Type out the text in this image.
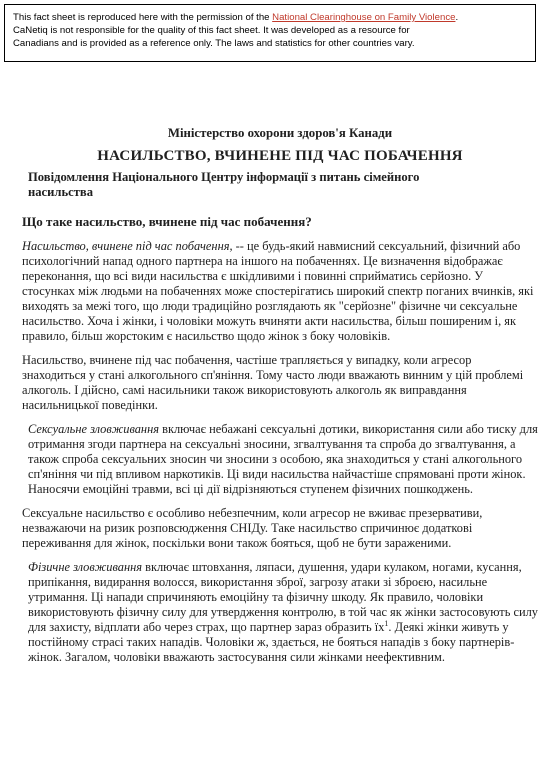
This fact sheet is reproduced here with the permission of the National Clearinghouse on Family Violence.
CaNetiq is not responsible for the quality of this fact sheet. It was developed as a resource for
Canadians and is provided as a reference only. The laws and statistics for other countries vary.
Міністерство охорони здоров'я Канади
НАСИЛЬСТВО, ВЧИНЕНЕ ПІД ЧАС ПОБАЧЕННЯ
Повідомлення Національного Центру інформації з питань сімейного насильства
Що таке насильство, вчинене під час побачення?

Насильство, вчинене під час побачення, -- це будь-який навмисний сексуальний, фізичний або психологічний напад одного партнера на іншого на побаченнях. Це визначення відображає переконання, що всі види насильства є шкідливими і повинні сприйматись серйозно. У стосунках між людьми на побаченнях може спостерігатись широкий спектр поганих вчинків, які виходять за межі того, що люди традиційно розглядають як "серйозне" фізичне чи сексуальне насильство. Хоча і жінки, і чоловіки можуть вчиняти акти насильства, більш поширеним і, як правило, більш жорстоким є насильство щодо жінок з боку чоловіків.

Насильство, вчинене під час побачення, частіше трапляється у випадку, коли агресор знаходиться у стані алкогольного сп'яніння. Тому часто люди вважають винним у цій проблемі алкоголь. І дійсно, самі насильники також використовують алкоголь як виправдання насильницької поведінки.

Сексуальне зловживання включає небажані сексуальні дотики, використання сили або тиску для отримання згоди партнера на сексуальні зносини, згвалтування та спроба до згвалтування, а також спроба сексуальних зносин чи зносини з особою, яка знаходиться у стані алкогольного сп'яніння чи під впливом наркотиків. Ці види насильства найчастіше спрямовані проти жінок. Наносячи емоційні травми, всі ці дії відрізняються ступенем фізичних пошкоджень.

Сексуальне насильство є особливо небезпечним, коли агресор не вживає презервативи, незважаючи на ризик розповсюдження СНІДу. Таке насильство спричинює додаткові переживання для жінок, поскільки вони також бояться, щоб не бути зараженими.

Фізичне зловживання включає штовхання, ляпаси, душення, удари кулаком, ногами, кусання, припікання, видирання волосся, використання зброї, загрозу атаки зі зброєю, насильне утримання. Ці напади спричиняють емоційну та фізичну шкоду. Як правило, чоловіки використовують фізичну силу для утвердження контролю, в той час як жінки застосовують силу для захисту, відплати або через страх, що партнер зараз образить $їх^1$. Деякі жінки живуть у постійному страсі таких нападів. Чоловіки ж, здається, не бояться нападів з боку партнерів-жінок. Загалом, чоловіки вважають застосування сили жінками неефективним.
